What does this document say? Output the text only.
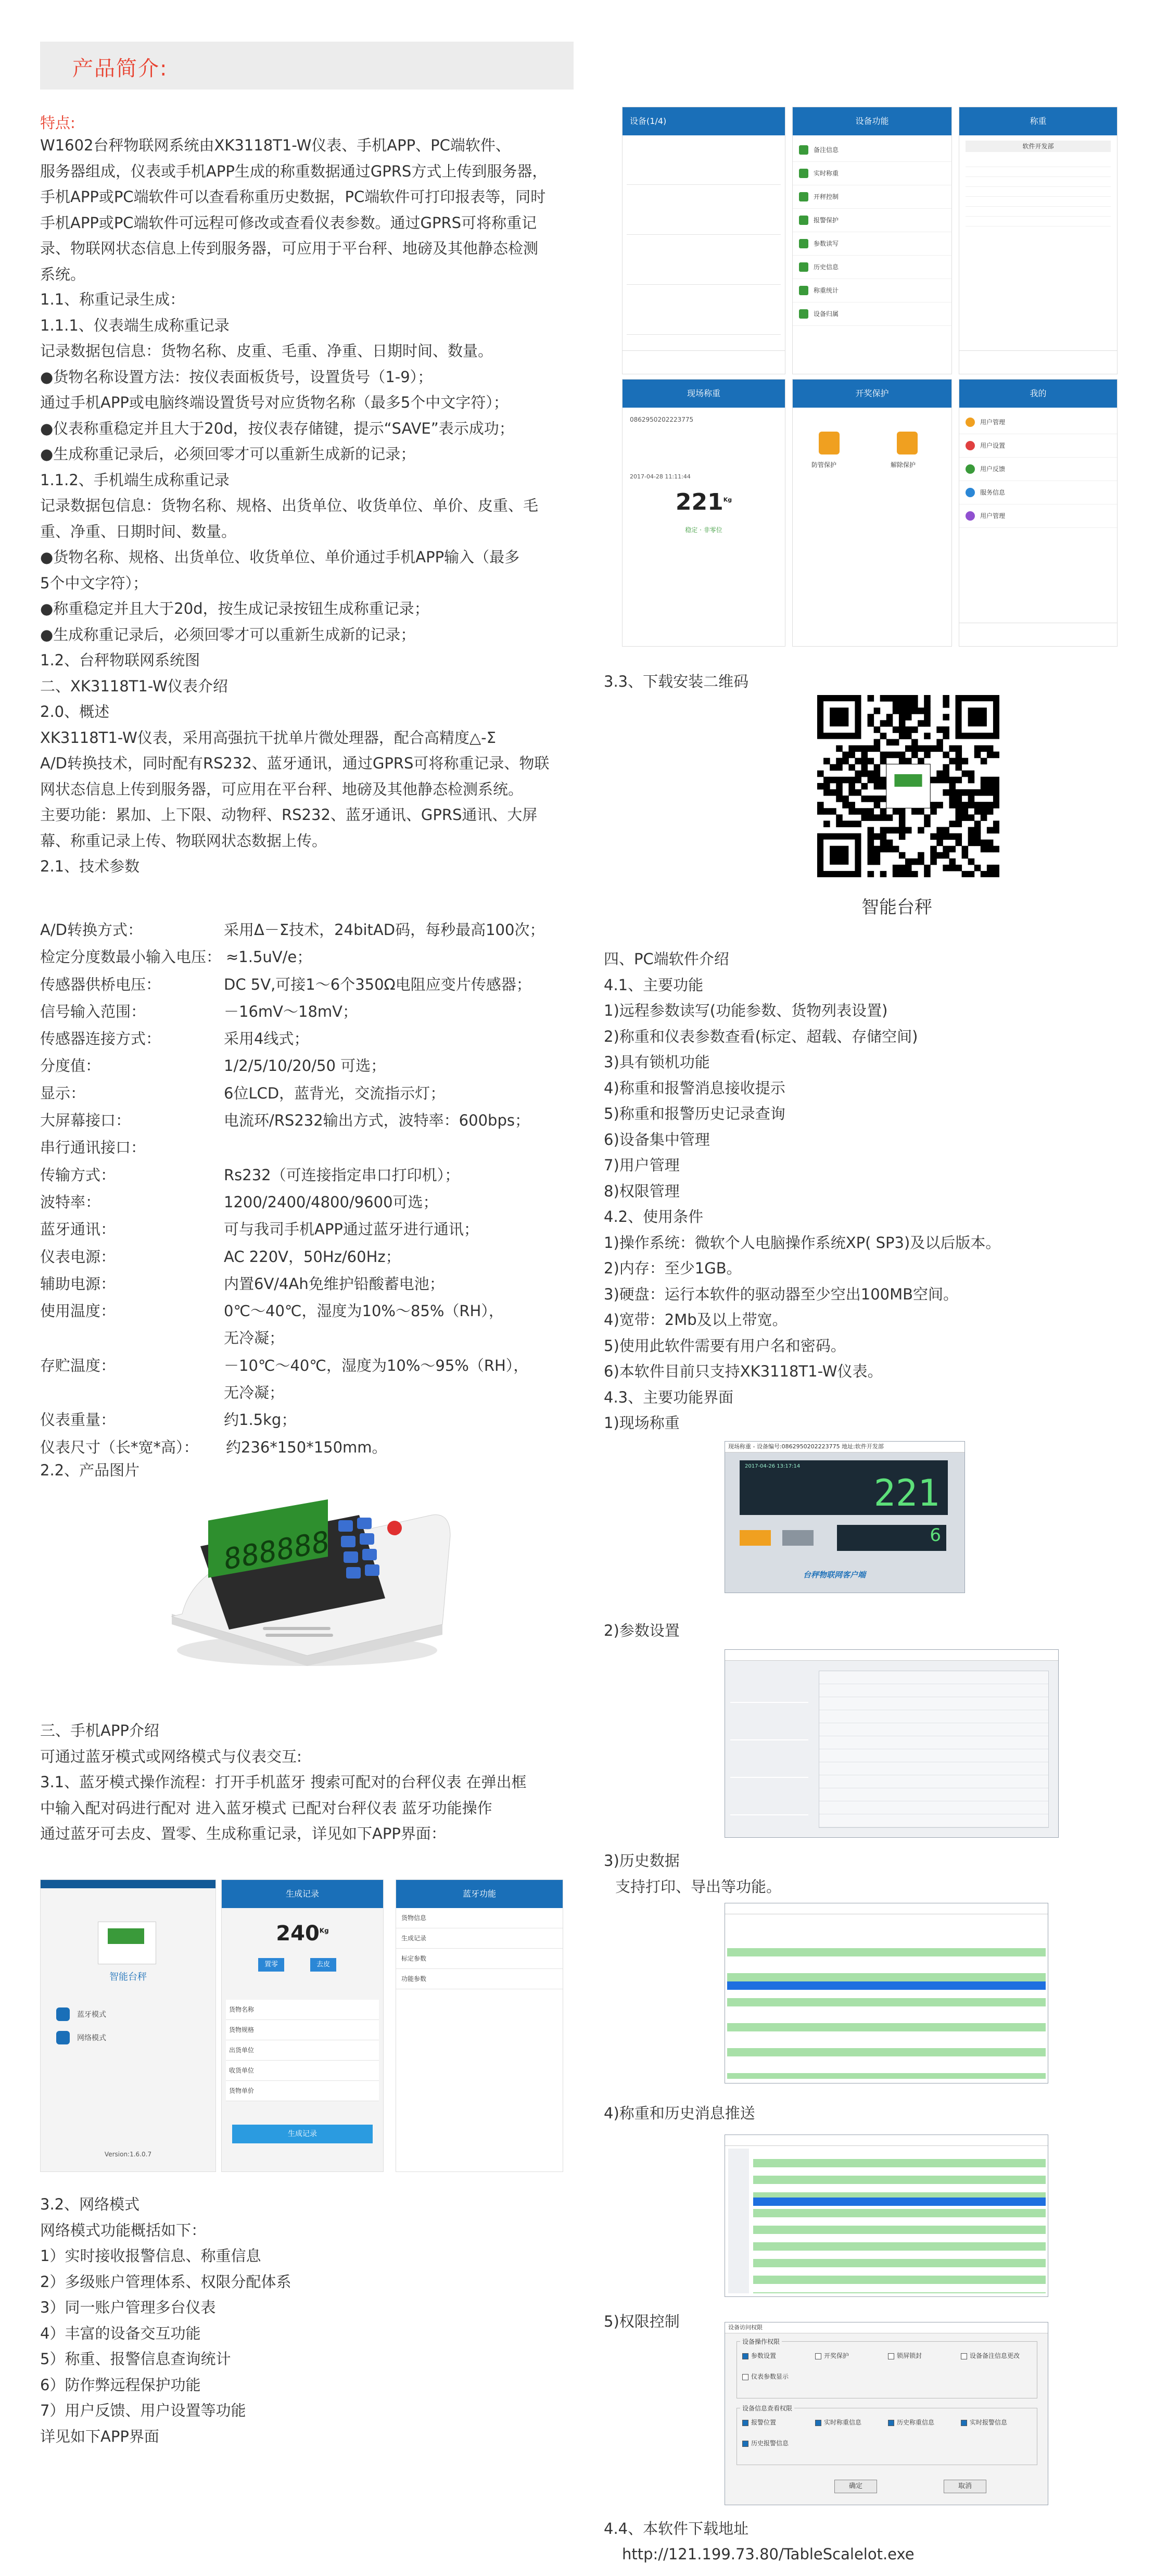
产品简介:
特点:
W1602台秤物联网系统由XK3118T1-W仪表、手机APP、PC端软件、
服务器组成，仪表或手机APP生成的称重数据通过GPRS方式上传到服务器，
手机APP或PC端软件可以查看称重历史数据，PC端软件可打印报表等，同时
手机APP或PC端软件可远程可修改或查看仪表参数。通过GPRS可将称重记
录、物联网状态信息上传到服务器，可应用于平台秤、地磅及其他静态检测
系统。
1.1、称重记录生成：
1.1.1、仪表端生成称重记录
记录数据包信息：货物名称、皮重、毛重、净重、日期时间、数量。
●货物名称设置方法：按仪表面板货号，设置货号（1-9）；
通过手机APP或电脑终端设置货号对应货物名称（最多5个中文字符）；
●仪表称重稳定并且大于20d，按仪表存储键，提示“SAVE”表示成功；
●生成称重记录后，必须回零才可以重新生成新的记录；
1.1.2、手机端生成称重记录
记录数据包信息：货物名称、规格、出货单位、收货单位、单价、皮重、毛
重、净重、日期时间、数量。
●货物名称、规格、出货单位、收货单位、单价通过手机APP输入（最多
5个中文字符）；
●称重稳定并且大于20d，按生成记录按钮生成称重记录；
●生成称重记录后，必须回零才可以重新生成新的记录；
1.2、台秤物联网系统图
二、XK3118T1-W仪表介绍
2.0、概述
XK3118T1-W仪表，采用高强抗干扰单片微处理器，配合高精度△-Σ
A/D转换技术，同时配有RS232、蓝牙通讯，通过GPRS可将称重记录、物联
网状态信息上传到服务器，可应用在平台秤、地磅及其他静态检测系统。
主要功能：累加、上下限、动物秤、RS232、蓝牙通讯、GPRS通讯、大屏
幕、称重记录上传、物联网状态数据上传。
2.1、技术参数
A/D转换方式：	采用Δ－Σ技术，24bitAD码，每秒最高100次；
检定分度数最小输入电压： ≈1.5uV/e；
传感器供桥电压：	DC 5V,可接1～6个350Ω电阻应变片传感器；
信号输入范围：	－16mV～18mV；
传感器连接方式：	采用4线式；
分度值：	1/2/5/10/20/50 可选；
显示：	6位LCD，蓝背光，交流指示灯；
大屏幕接口：	电流环/RS232输出方式，波特率：600bps；
串行通讯接口：
传输方式：	Rs232（可连接指定串口打印机）；
波特率：	1200/2400/4800/9600可选；
蓝牙通讯：	可与我司手机APP通过蓝牙进行通讯；
仪表电源：	AC 220V，50Hz/60Hz；
辅助电源：	内置6V/4Ah免维护铅酸蓄电池；
使用温度：	0℃～40℃，湿度为10%～85%（RH），
无冷凝；
存贮温度：	－10℃～40℃，湿度为10%～95%（RH），
无冷凝；
仪表重量：	约1.5kg；
仪表尺寸（长*宽*高）： 约236*150*150mm。
2.2、产品图片
888888
三、手机APP介绍
可通过蓝牙模式或网络模式与仪表交互:
3.1、蓝牙模式操作流程：打开手机蓝牙 搜索可配对的台秤仪表 在弹出框
中输入配对码进行配对 进入蓝牙模式 已配对台秤仪表 蓝牙功能操作
通过蓝牙可去皮、置零、生成称重记录，详见如下APP界面：
智能台秤
蓝牙模式
网络模式
Version:1.6.0.7
生成记录
$240^{Kg}$
置零	去皮
货物名称
货物规格
出货单位
收货单位
货物单价
生成记录
蓝牙功能
货物信息
生成记录
标定参数
功能参数
3.2、网络模式
网络模式功能概括如下：
1）实时接收报警信息、称重信息
2）多级账户管理体系、权限分配体系
3）同一账户管理多台仪表
4）丰富的设备交互功能
5）称重、报警信息查询统计
6）防作弊远程保护功能
7）用户反馈、用户设置等功能
详见如下APP界面
设备(1/4)	设备功能
备注信息
实时称重
开秤控制
报警保护
参数读写
历史信息
称重统计
设备归属
称重
软件开发部
现场称重
0862950202223775
2017-04-28 11:11:44
$221^{Kg}$
稳定 · 非零位
开奖保护
防管保护	解除保护
我的
用户管理
用户设置
用户反馈
服务信息
用户管理
3.3、下载安装二维码
智能台秤
四、PC端软件介绍
4.1、主要功能
1)远程参数读写(功能参数、货物列表设置)
2)称重和仪表参数查看(标定、超载、存储空间)
3)具有锁机功能
4)称重和报警消息接收提示
5)称重和报警历史记录查询
6)设备集中管理
7)用户管理
8)权限管理
4.2、使用条件
1)操作系统：微软个人电脑操作系统XP( SP3)及以后版本。
2)内存：至少1GB。
3)硬盘：运行本软件的驱动器至少空出100MB空间。
4)宽带：2Mb及以上带宽。
5)使用此软件需要有用户名和密码。
6)本软件目前只支持XK3118T1-W仪表。
4.3、主要功能界面
1)现场称重
现场称重 - 设备编号:0862950202223775 地址:软件开发部
2017-04-26 13:17:14
221
6
台秤物联网客户端
2)参数设置

3)历史数据
支持打印、导出等功能。

4)称重和历史消息推送

5)权限控制	设备访问权限
设备操作权限
参数设置	开奖保护	锁屏锁封	设备备注信息更改
仪表参数显示
设备信息查看权限
报警位置	实时称重信息	历史称重信息	实时报警信息
历史报警信息
确定	取消
4.4、本软件下载地址
http://121.199.73.80/TableScalelot.exe
